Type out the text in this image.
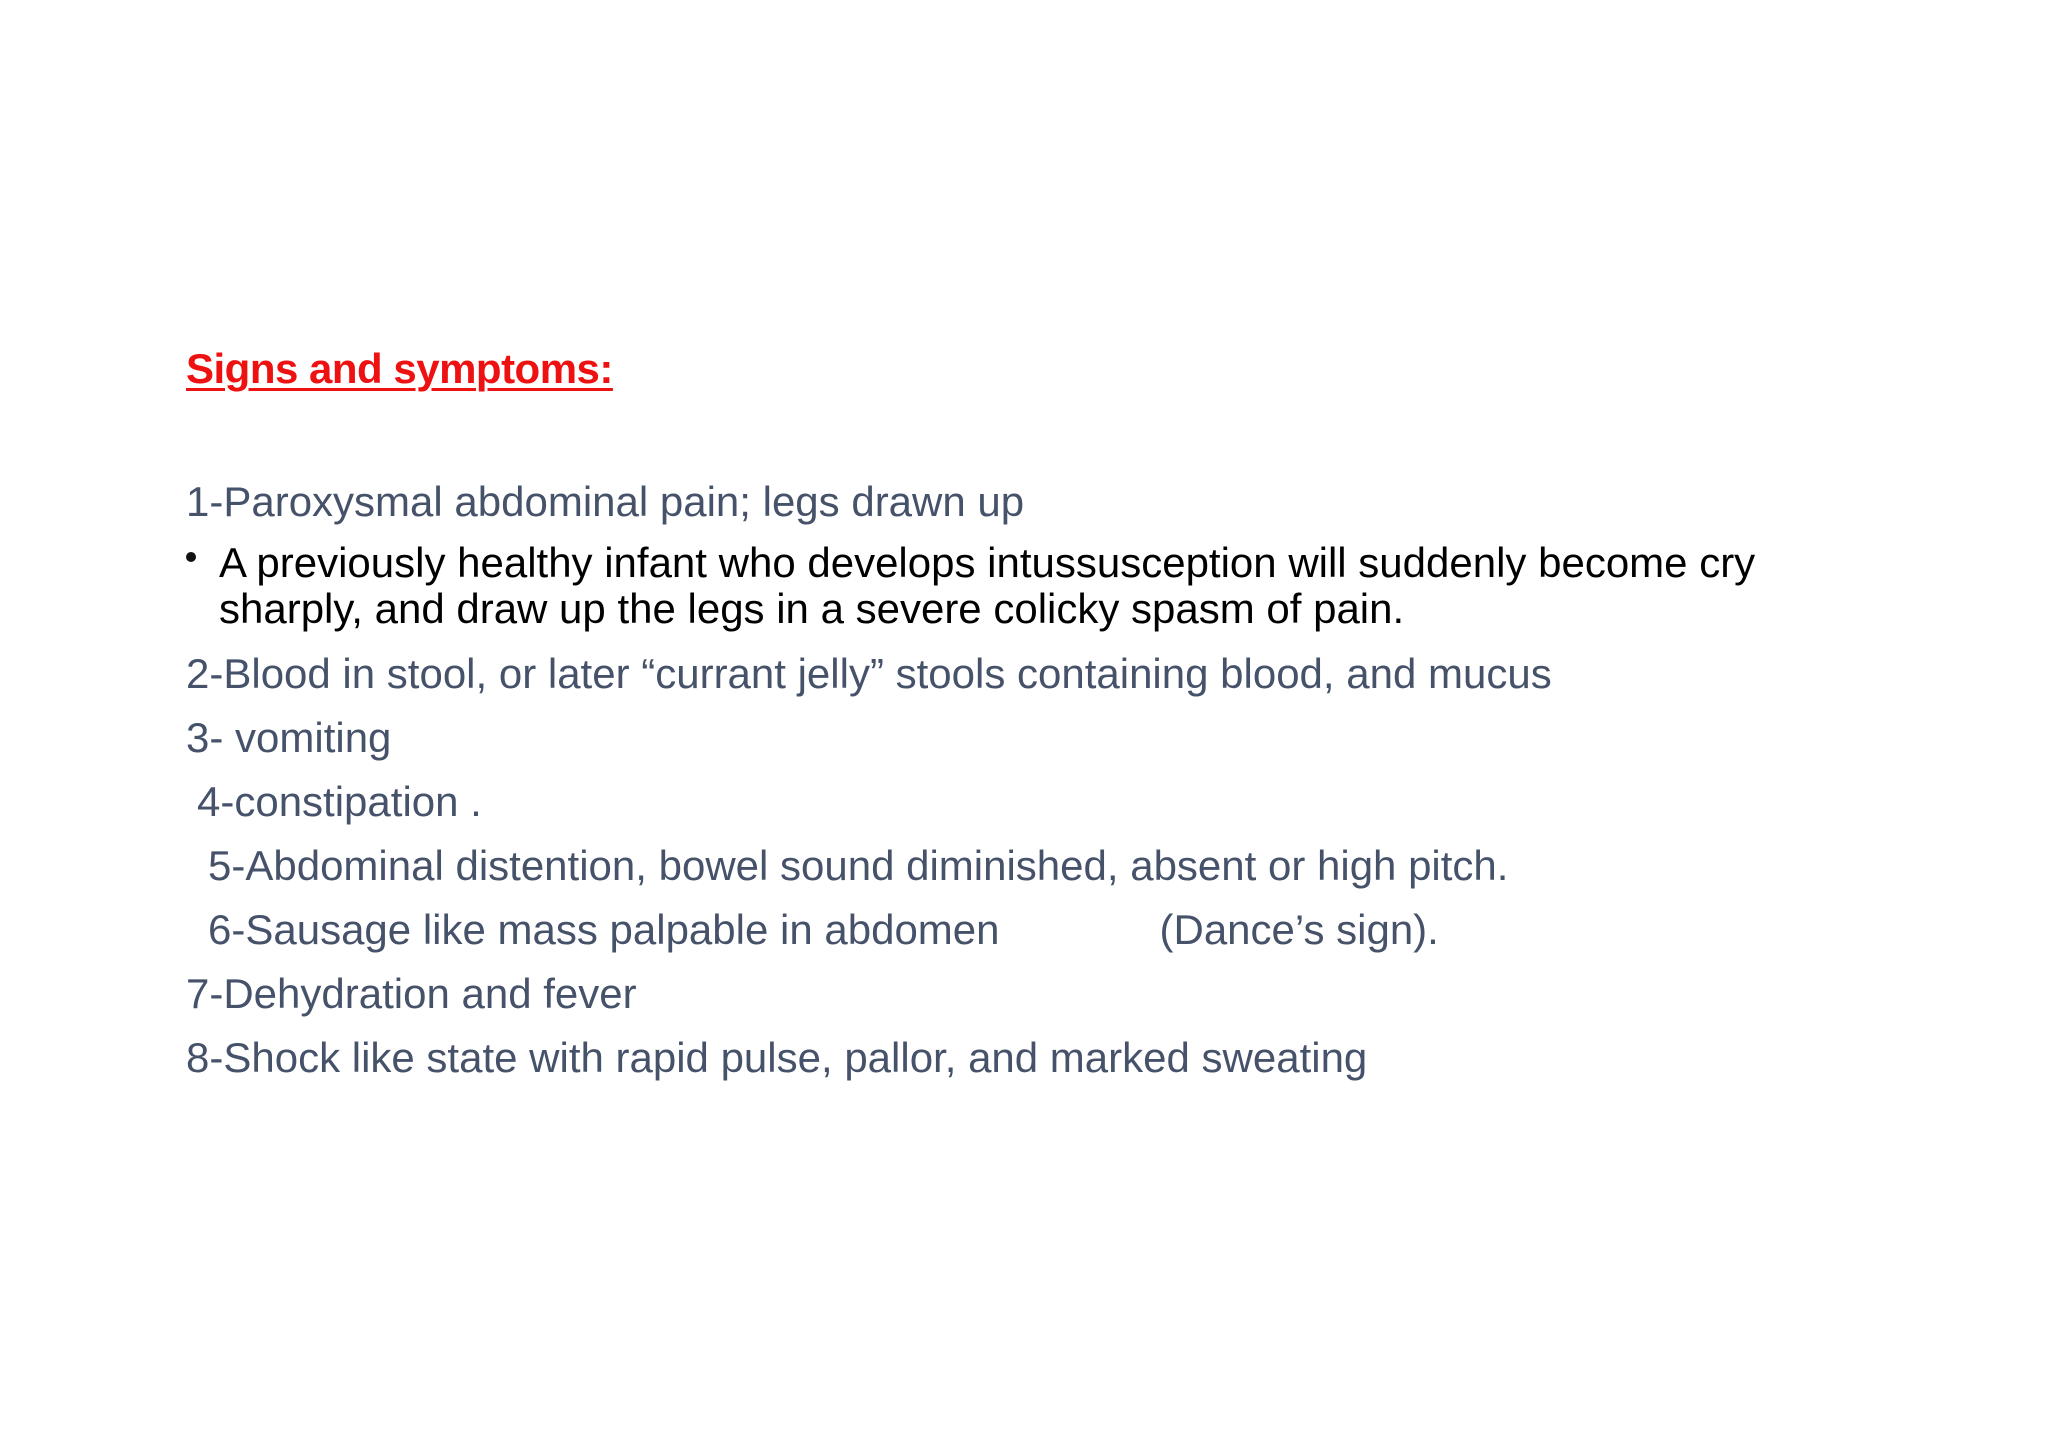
Signs and symptoms:
1-Paroxysmal abdominal pain; legs drawn up
A previously healthy infant who develops intussusception will suddenly become cry sharply, and draw up the legs in a severe colicky spasm of pain.
2-Blood in stool, or later “currant jelly” stools containing blood, and mucus
3- vomiting
4-constipation .
5-Abdominal distention, bowel sound diminished, absent or high pitch.
6-Sausage like mass palpable in abdomen	(Dance’s sign).
7-Dehydration and fever
8-Shock like state with rapid pulse, pallor, and marked sweating
